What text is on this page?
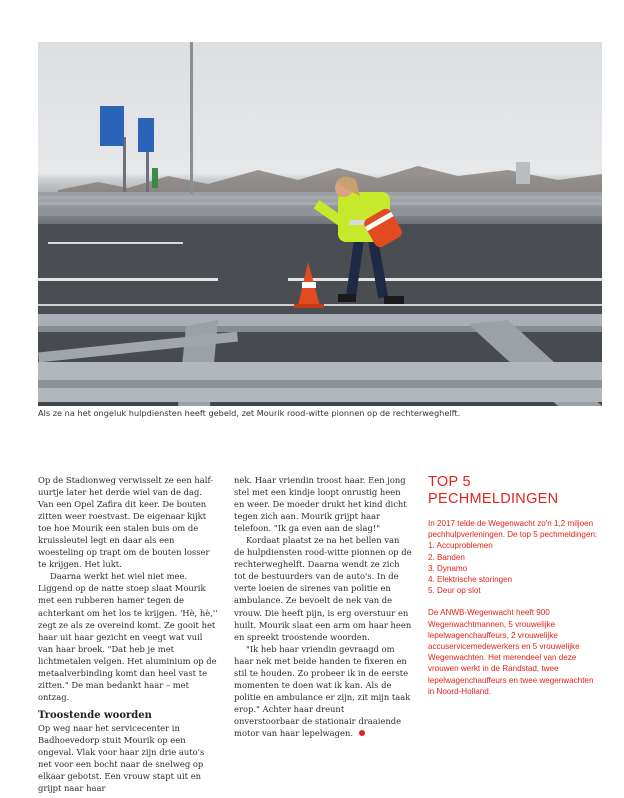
Als ze na het ongeluk hulpdiensten heeft gebeld, zet Mourik rood-witte pionnen op de rechterweghelft.

Op de Stadionweg verwisselt ze een half-uurtje later het derde wiel van de dag. Van een Opel Zafira dit keer. De bouten zitten weer roestvast. De eigenaar kijkt toe hoe Mourik een stalen buis om de kruissleutel legt en daar als een woesteling op trapt om de bouten losser te krijgen. Het lukt.

Daarna werkt het wiel niet mee. Liggend op de natte stoep slaat Mourik met een rubberen hamer tegen de achterkant om het los te krijgen. 'Hè, hè,'' zegt ze als ze overeind komt. Ze gooit het haar uit haar gezicht en veegt wat vuil van haar broek. "Dat heb je met lichtmetalen velgen. Het aluminium op de metaalverbinding komt dan heel vast te zitten." De man bedankt haar – met ontzag.

Troostende woorden

Op weg naar het servicecenter in Badhoevedorp stuit Mourik op een ongeval. Vlak voor haar zijn drie auto's net voor een bocht naar de snelweg op elkaar gebotst. Een vrouw stapt uit en grijpt naar haar

nek. Haar vriendin troost haar. Een jong stel met een kindje loopt onrustig heen en weer. De moeder drukt het kind dicht tegen zich aan. Mourik grijpt haar telefoon. "Ik ga even aan de slag!"

Kordaat plaatst ze na het bellen van de hulpdiensten rood-witte pionnen op de rechterweghelft. Daarna wendt ze zich tot de bestuurders van de auto's. In de verte loeien de sirenes van politie en ambulance. Ze bevoelt de nek van de vrouw. Die heeft pijn, is erg overstuur en huilt. Mourik slaat een arm om haar heen en spreekt troostende woorden.

"Ik heb haar vriendin gevraagd om haar nek met beide handen te fixeren en stil te houden. Zo probeer ik in de eerste momenten te doen wat ik kan. Als de politie en ambulance er zijn, zit mijn taak erop." Achter haar dreunt onverstoorbaar de stationair draaiende motor van haar lepelwagen.

TOP 5
PECHMELDINGEN
In 2017 telde de Wegenwacht zo'n 1,2 miljoen pechhulpverleningen. De top 5 pechmeldingen:
1. Accuproblemen
2. Banden
3. Dynamo
4. Elektrische storingen
5. Deur op slot
De ANWB-Wegenwacht heeft 900 Wegenwachtmannen, 5 vrouwelijke lepelwagenchauffeurs, 2 vrouwelijke accuservicemedewerkers en 5 vrouwelijke Wegenwachten. Het merendeel van deze vrouwen werkt in de Randstad, twee lepelwagenchauffeurs en twee wegenwachten in Noord-Holland.
